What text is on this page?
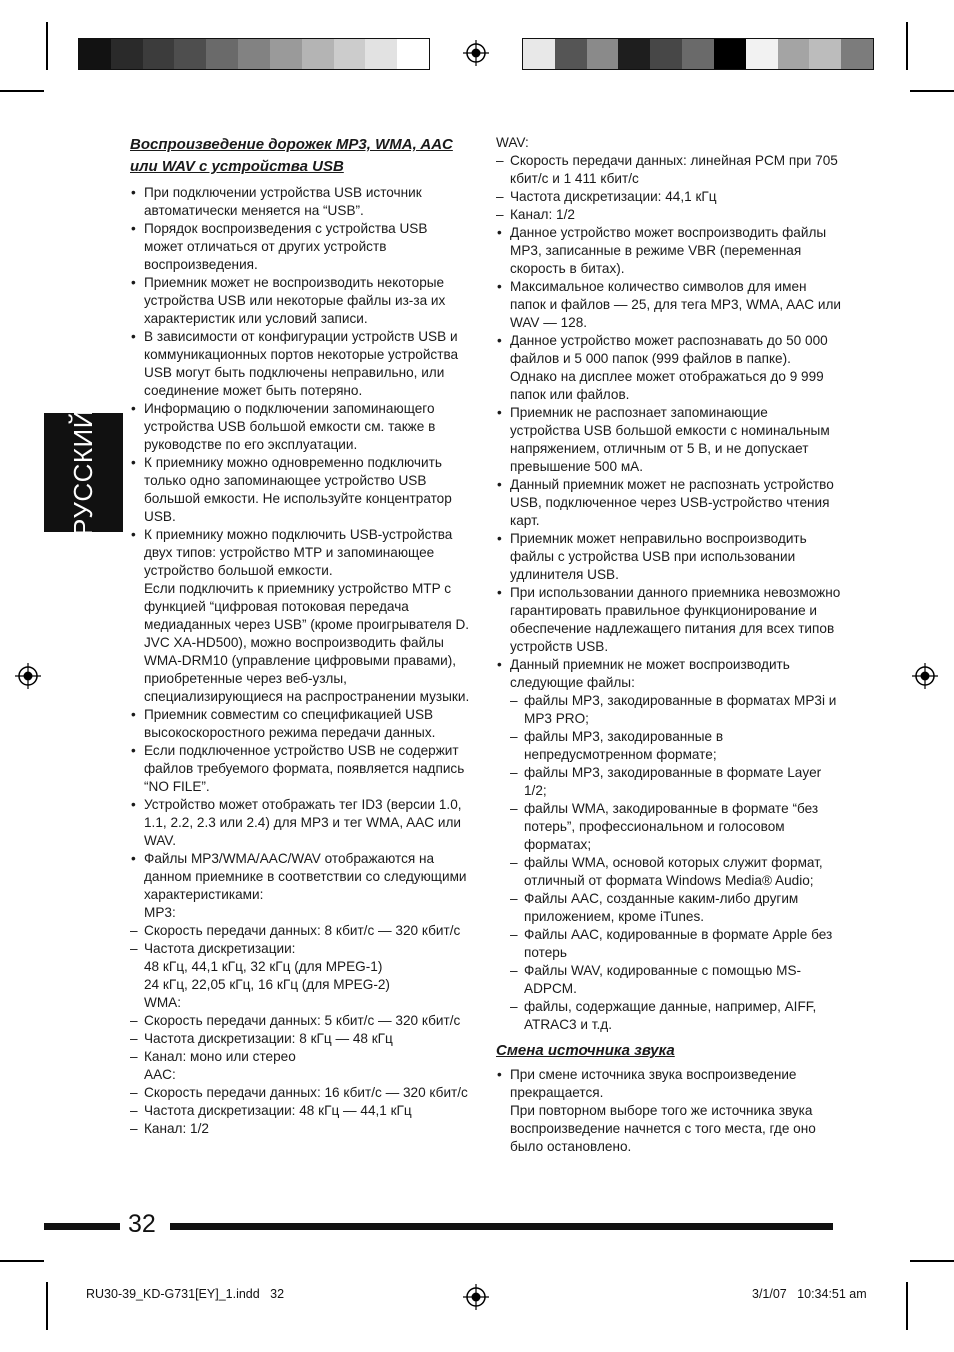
РУССКИЙ
Воспроизведение дорожек MP3, WMA, AAC или WAV с устройства USB
• При подключении устройства USB источник автоматически меняется на “USB”.
• Порядок воспроизведения с устройства USB может отличаться от других устройств воспроизведения.
• Приемник может не воспроизводить некоторые устройства USB или некоторые файлы из-за их характеристик или условий записи.
• В зависимости от конфигурации устройств USB и коммуникационных портов некоторые устройства USB могут быть подключены неправильно, или соединение может быть потеряно.
• Информацию о подключении запоминающего устройства USB большой емкости см. также в руководстве по его эксплуатации.
• К приемнику можно одновременно подключить только одно запоминающее устройство USB большой емкости. Не используйте концентратор USB.
• К приемнику можно подключить USB-устройства двух типов: устройство MTP и запоминающее устройство большой емкости.
Если подключить к приемнику устройство MTP с функцией “цифровая потоковая передача медиаданных через USB” (кроме проигрывателя D. JVC XA-HD500), можно воспроизводить файлы WMA-DRM10 (управление цифровыми правами), приобретенные через веб-узлы, специализирующиеся на распространении музыки.
• Приемник совместим со спецификацией USB высокоскоростного режима передачи данных.
• Если подключенное устройство USB не содержит файлов требуемого формата, появляется надпись “NO FILE”.
• Устройство может отображать тег ID3 (версии 1.0, 1.1, 2.2, 2.3 или 2.4) для MP3 и тег WMA, AAC или WAV.
• Файлы MP3/WMA/AAC/WAV отображаются на данном приемнике в соответствии со следующими характеристиками:
MP3:
– Скорость передачи данных: 8 кбит/с — 320 кбит/с
– Частота дискретизации:
48 кГц, 44,1 кГц, 32 кГц (для MPEG-1)
24 кГц, 22,05 кГц, 16 кГц (для MPEG-2)
WMA:
– Скорость передачи данных: 5 кбит/с — 320 кбит/с
– Частота дискретизации: 8 кГц — 48 кГц
– Канал: моно или стерео
AAC:
– Скорость передачи данных: 16 кбит/с — 320 кбит/с
– Частота дискретизации: 48 кГц — 44,1 кГц
– Канал: 1/2
WAV:
– Скорость передачи данных: линейная PCM при 705 кбит/с и 1 411 кбит/с
– Частота дискретизации: 44,1 кГц
– Канал: 1/2
• Данное устройство может воспроизводить файлы MP3, записанные в режиме VBR (переменная скорость в битах).
• Максимальное количество символов для имен папок и файлов — 25, для тега MP3, WMA, AAC или WAV — 128.
• Данное устройство может распознавать до 50 000 файлов и 5 000 папок (999 файлов в папке). Однако на дисплее может отображаться до 9 999 папок или файлов.
• Приемник не распознает запоминающие устройства USB большой емкости с номинальным напряжением, отличным от 5 В, и не допускает превышение 500 мА.
• Данный приемник может не распознать устройство USB, подключенное через USB-устройство чтения карт.
• Приемник может неправильно воспроизводить файлы с устройства USB при использовании удлинителя USB.
• При использовании данного приемника невозможно гарантировать правильное функционирование и обеспечение надлежащего питания для всех типов устройств USB.
• Данный приемник не может воспроизводить следующие файлы:
– файлы MP3, закодированные в форматах MP3i и MP3 PRO;
– файлы MP3, закодированные в непредусмотренном формате;
– файлы MP3, закодированные в формате Layer 1/2;
– файлы WMA, закодированные в формате “без потерь”, профессиональном и голосовом форматах;
– файлы WMA, основой которых служит формат, отличный от формата Windows Media® Audio;
– Файлы AAC, созданные каким-либо другим приложением, кроме iTunes.
– Файлы AAC, кодированные в формате Apple без потерь
– Файлы WAV, кодированные с помощью MS-ADPCM.
– файлы, содержащие данные, например, AIFF, ATRAC3 и т.д.
Смена источника звука
• При смене источника звука воспроизведение прекращается.
При повторном выборе того же источника звука воспроизведение начнется с того места, где оно было остановлено.
32
RU30-39_KD-G731[EY]_1.indd   32	3/1/07   10:34:51 am
